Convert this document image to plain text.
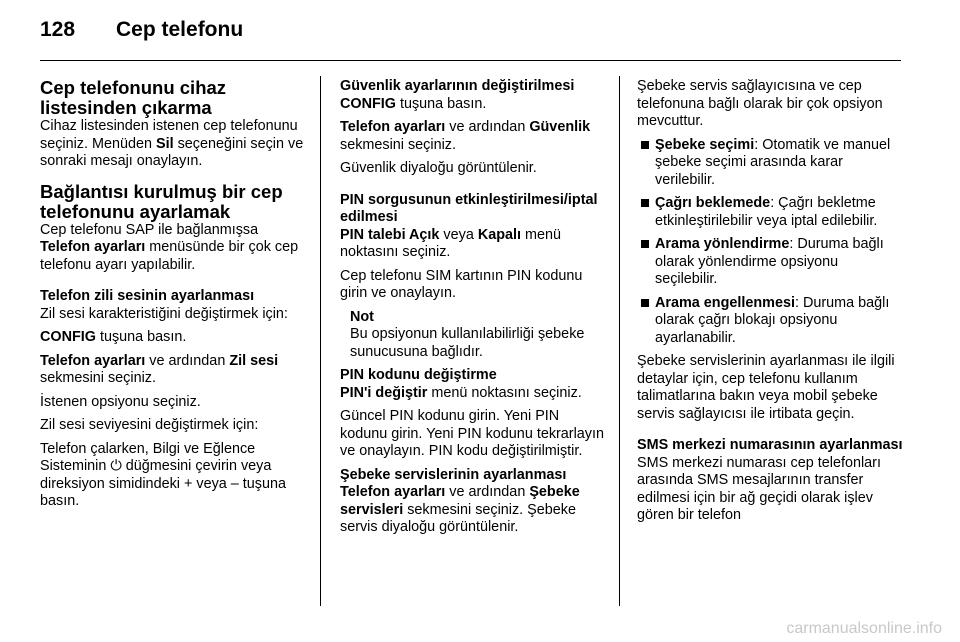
128	Cep telefonu
Cep telefonunu cihaz listesinden çıkarma

Cihaz listesinden istenen cep telefonunu seçiniz. Menüden Sil seçeneğini seçin ve sonraki mesajı onaylayın.

Bağlantısı kurulmuş bir cep telefonunu ayarlamak

Cep telefonu SAP ile bağlanmışsa Telefon ayarları menüsünde bir çok cep telefonu ayarı yapılabilir.

Telefon zili sesinin ayarlanması

Zil sesi karakteristiğini değiştirmek için:

CONFIG tuşuna basın.

Telefon ayarları ve ardından Zil sesi sekmesini seçiniz.

İstenen opsiyonu seçiniz.

Zil sesi seviyesini değiştirmek için:

Telefon çalarken, Bilgi ve Eğlence Sisteminin ⏻ düğmesini çevirin veya direksiyon simidindeki + veya – tuşuna basın.

Güvenlik ayarlarının değiştirilmesi

CONFIG tuşuna basın.

Telefon ayarları ve ardından Güvenlik sekmesini seçiniz.

Güvenlik diyaloğu görüntülenir.

PIN sorgusunun etkinleştirilmesi/iptal edilmesi

PIN talebi Açık veya Kapalı menü noktasını seçiniz.

Cep telefonu SIM kartının PIN kodunu girin ve onaylayın.

Not
Bu opsiyonun kullanılabilirliği şebeke sunucusuna bağlıdır.
PIN kodunu değiştirme

PIN'i değiştir menü noktasını seçiniz.

Güncel PIN kodunu girin. Yeni PIN kodunu girin. Yeni PIN kodunu tekrarlayın ve onaylayın. PIN kodu değiştirilmiştir.

Şebeke servislerinin ayarlanması

Telefon ayarları ve ardından Şebeke servisleri sekmesini seçiniz. Şebeke servis diyaloğu görüntülenir.

Şebeke servis sağlayıcısına ve cep telefonuna bağlı olarak bir çok opsiyon mevcuttur.

Şebeke seçimi: Otomatik ve manuel şebeke seçimi arasında karar verilebilir.
Çağrı beklemede: Çağrı bekletme etkinleştirilebilir veya iptal edilebilir.
Arama yönlendirme: Duruma bağlı olarak yönlendirme opsiyonu seçilebilir.
Arama engellenmesi: Duruma bağlı olarak çağrı blokajı opsiyonu ayarlanabilir.

Şebeke servislerinin ayarlanması ile ilgili detaylar için, cep telefonu kullanım talimatlarına bakın veya mobil şebeke servis sağlayıcısı ile irtibata geçin.

SMS merkezi numarasının ayarlanması

SMS merkezi numarası cep telefonları arasında SMS mesajlarının transfer edilmesi için bir ağ geçidi olarak işlev gören bir telefon

carmanualsonline.info
